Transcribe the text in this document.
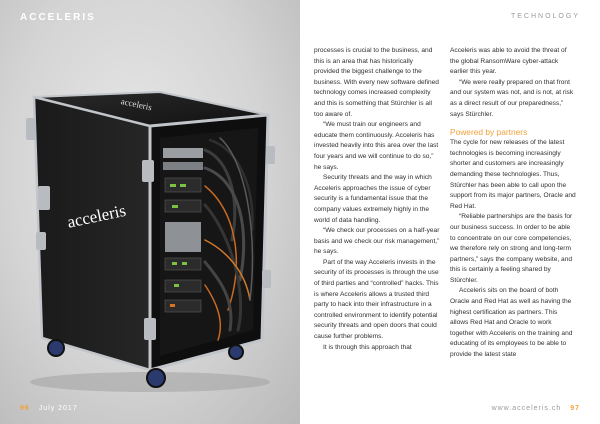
acceleris
acceleris
ACCELERIS
96 July 2017
TECHNOLOGY

processes is crucial to the business, and this is an area that has historically provided the biggest challenge to the business. With every new software defined technology comes increased complexity and this is something that Stürchler is all too aware of.

“We must train our engineers and educate them continuously. Acceleris has invested heavily into this area over the last four years and we will continue to do so,” he says.

Security threats and the way in which Acceleris approaches the issue of cyber security is a fundamental issue that the company values extremely highly in the world of data handling.

“We check our processes on a half-year basis and we check our risk management,” he says.

Part of the way Acceleris invests in the security of its processes is through the use of third parties and “controlled” hacks. This is where Acceleris allows a trusted third party to hack into their infrastructure in a controlled environment to identify potential security threats and open doors that could cause further problems.

It is through this approach that

Acceleris was able to avoid the threat of the global RansomWare cyber-attack earlier this year.

“We were really prepared on that front and our system was not, and is not, at risk as a direct result of our preparedness,” says Stürchler.

Powered by partners

The cycle for new releases of the latest technologies is becoming increasingly shorter and customers are increasingly demanding these technologies. Thus, Stürchler has been able to call upon the support from its major partners, Oracle and Red Hat.

“Reliable partnerships are the basis for our business success. In order to be able to concentrate on our core competencies, we therefore rely on strong and long-term partners,” says the company website, and this is certainly a feeling shared by Stürchler.

Acceleris sits on the board of both Oracle and Red Hat as well as having the highest certification as partners. This allows Red Hat and Oracle to work together with Acceleris on the training and educating of its employees to be able to provide the latest state

www.acceleris.ch 97
